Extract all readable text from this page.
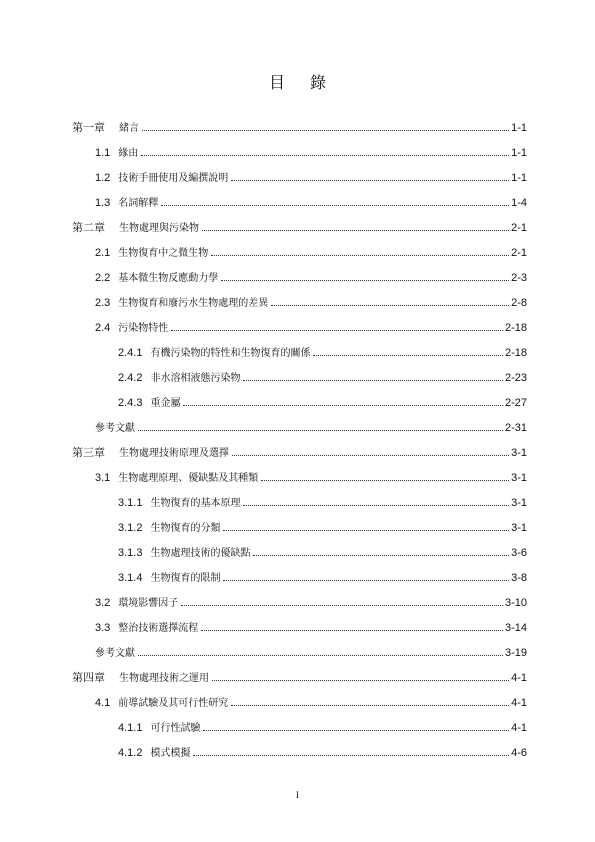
目 錄
第一章 緒言	1-1
1.1 緣由	1-1
1.2 技術手冊使用及編撰說明	1-1
1.3 名詞解釋	1-4
第二章 生物處理與污染物	2-1
2.1 生物復育中之微生物	2-1
2.2 基本微生物反應動力學	2-3
2.3 生物復育和廢污水生物處理的差異	2-8
2.4 污染物特性	2-18
2.4.1 有機污染物的特性和生物復育的關係	2-18
2.4.2 非水溶相液態污染物	2-23
2.4.3 重金屬	2-27
參考文獻	2-31
第三章 生物處理技術原理及選擇	3-1
3.1 生物處理原理、優缺點及其種類	3-1
3.1.1 生物復育的基本原理	3-1
3.1.2 生物復育的分類	3-1
3.1.3 生物處理技術的優缺點	3-6
3.1.4 生物復育的限制	3-8
3.2 環境影響因子	3-10
3.3 整治技術選擇流程	3-14
參考文獻	3-19
第四章 生物處理技術之運用	4-1
4.1 前導試驗及其可行性研究	4-1
4.1.1 可行性試驗	4-1
4.1.2 模式模擬	4-6
I
